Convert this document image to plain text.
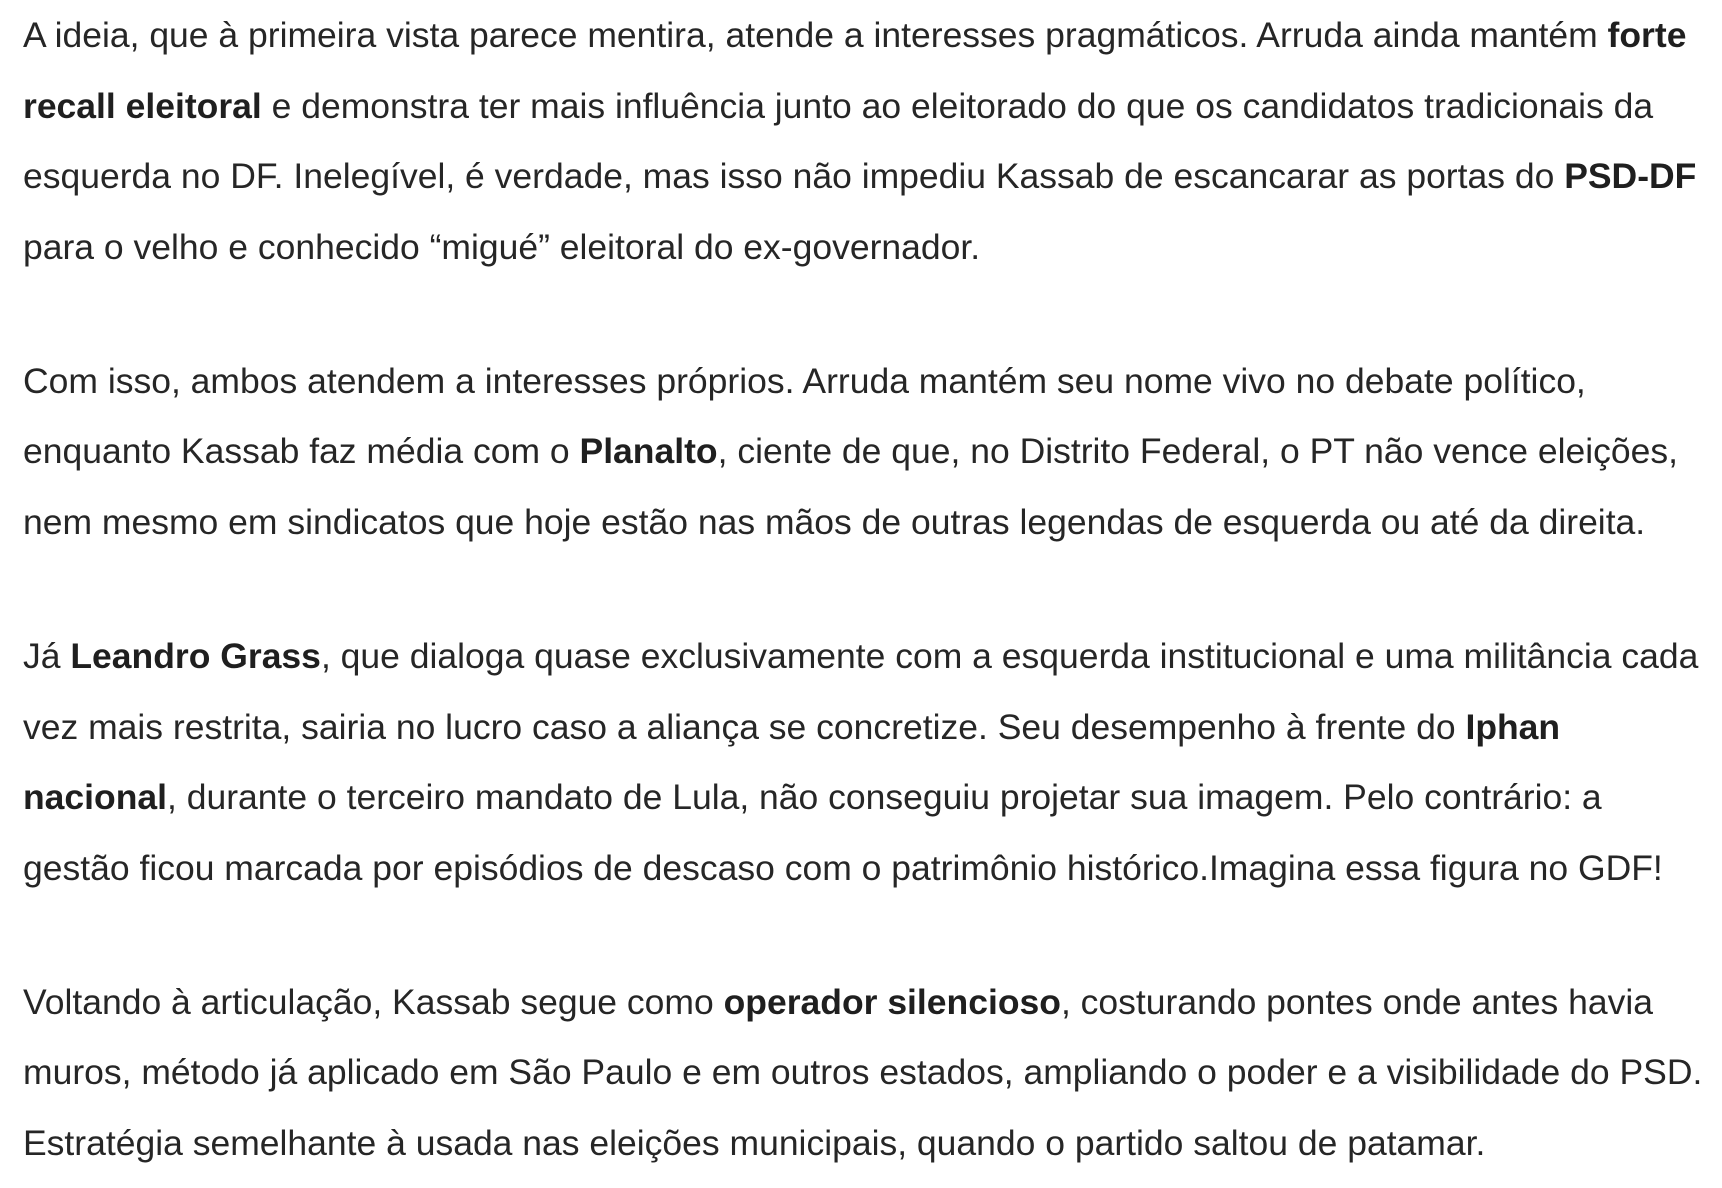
A ideia, que à primeira vista parece mentira, atende a interesses pragmáticos. Arruda ainda mantém forte
recall eleitoral e demonstra ter mais influência junto ao eleitorado do que os candidatos tradicionais da
esquerda no DF. Inelegível, é verdade, mas isso não impediu Kassab de escancarar as portas do PSD-DF
para o velho e conhecido “migué” eleitoral do ex-governador.

Com isso, ambos atendem a interesses próprios. Arruda mantém seu nome vivo no debate político,
enquanto Kassab faz média com o Planalto, ciente de que, no Distrito Federal, o PT não vence eleições,
nem mesmo em sindicatos que hoje estão nas mãos de outras legendas de esquerda ou até da direita.

Já Leandro Grass, que dialoga quase exclusivamente com a esquerda institucional e uma militância cada
vez mais restrita, sairia no lucro caso a aliança se concretize. Seu desempenho à frente do Iphan
nacional, durante o terceiro mandato de Lula, não conseguiu projetar sua imagem. Pelo contrário: a
gestão ficou marcada por episódios de descaso com o patrimônio histórico.Imagina essa figura no GDF!

Voltando à articulação, Kassab segue como operador silencioso, costurando pontes onde antes havia
muros, método já aplicado em São Paulo e em outros estados, ampliando o poder e a visibilidade do PSD.
Estratégia semelhante à usada nas eleições municipais, quando o partido saltou de patamar.
